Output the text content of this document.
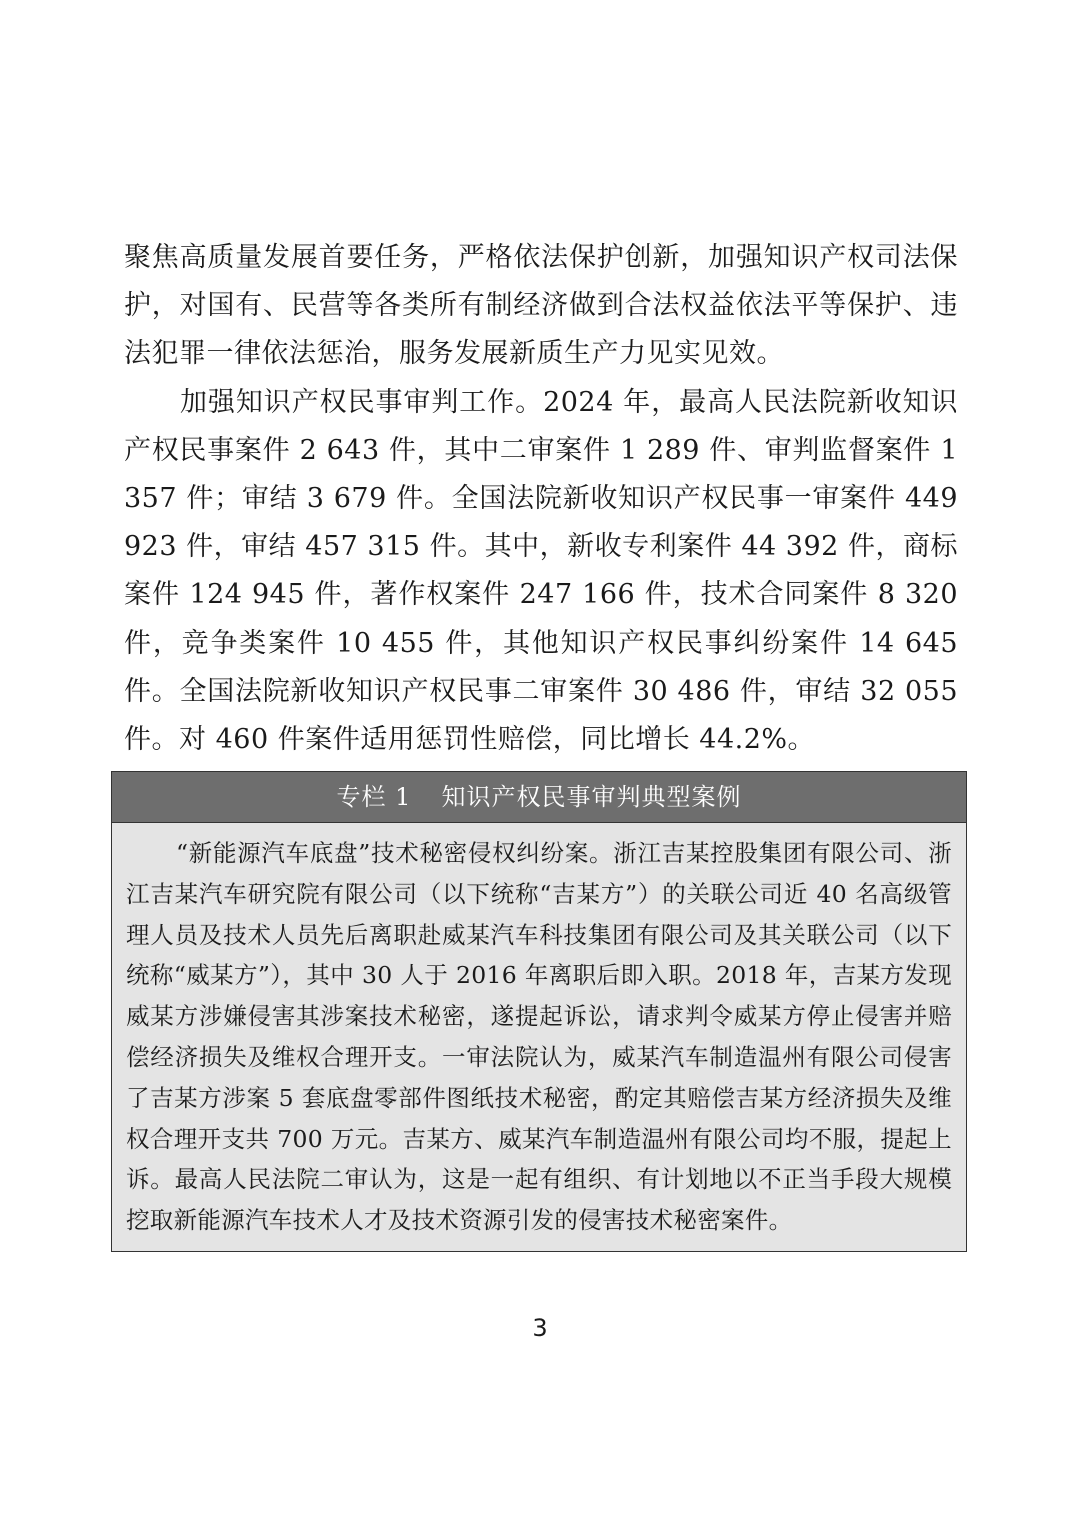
聚焦高质量发展首要任务，严格依法保护创新，加强知识产权司法保护，对国有、民营等各类所有制经济做到合法权益依法平等保护、违法犯罪一律依法惩治，服务发展新质生产力见实见效。

加强知识产权民事审判工作。2024 年，最高人民法院新收知识产权民事案件 2 643 件，其中二审案件 1 289 件、审判监督案件 1 357 件；审结 3 679 件。全国法院新收知识产权民事一审案件 449 923 件，审结 457 315 件。其中，新收专利案件 44 392 件，商标案件 124 945 件，著作权案件 247 166 件，技术合同案件 8 320 件，竞争类案件 10 455 件，其他知识产权民事纠纷案件 14 645 件。全国法院新收知识产权民事二审案件 30 486 件，审结 32 055 件。对 460 件案件适用惩罚性赔偿，同比增长 44.2%。

专栏 1 知识产权民事审判典型案例
“新能源汽车底盘”技术秘密侵权纠纷案。浙江吉某控股集团有限公司、浙江吉某汽车研究院有限公司（以下统称“吉某方”）的关联公司近 40 名高级管理人员及技术人员先后离职赴威某汽车科技集团有限公司及其关联公司（以下统称“威某方”），其中 30 人于 2016 年离职后即入职。2018 年，吉某方发现威某方涉嫌侵害其涉案技术秘密，遂提起诉讼，请求判令威某方停止侵害并赔偿经济损失及维权合理开支。一审法院认为，威某汽车制造温州有限公司侵害了吉某方涉案 5 套底盘零部件图纸技术秘密，酌定其赔偿吉某方经济损失及维权合理开支共 700 万元。吉某方、威某汽车制造温州有限公司均不服，提起上诉。最高人民法院二审认为，这是一起有组织、有计划地以不正当手段大规模挖取新能源汽车技术人才及技术资源引发的侵害技术秘密案件。
3
